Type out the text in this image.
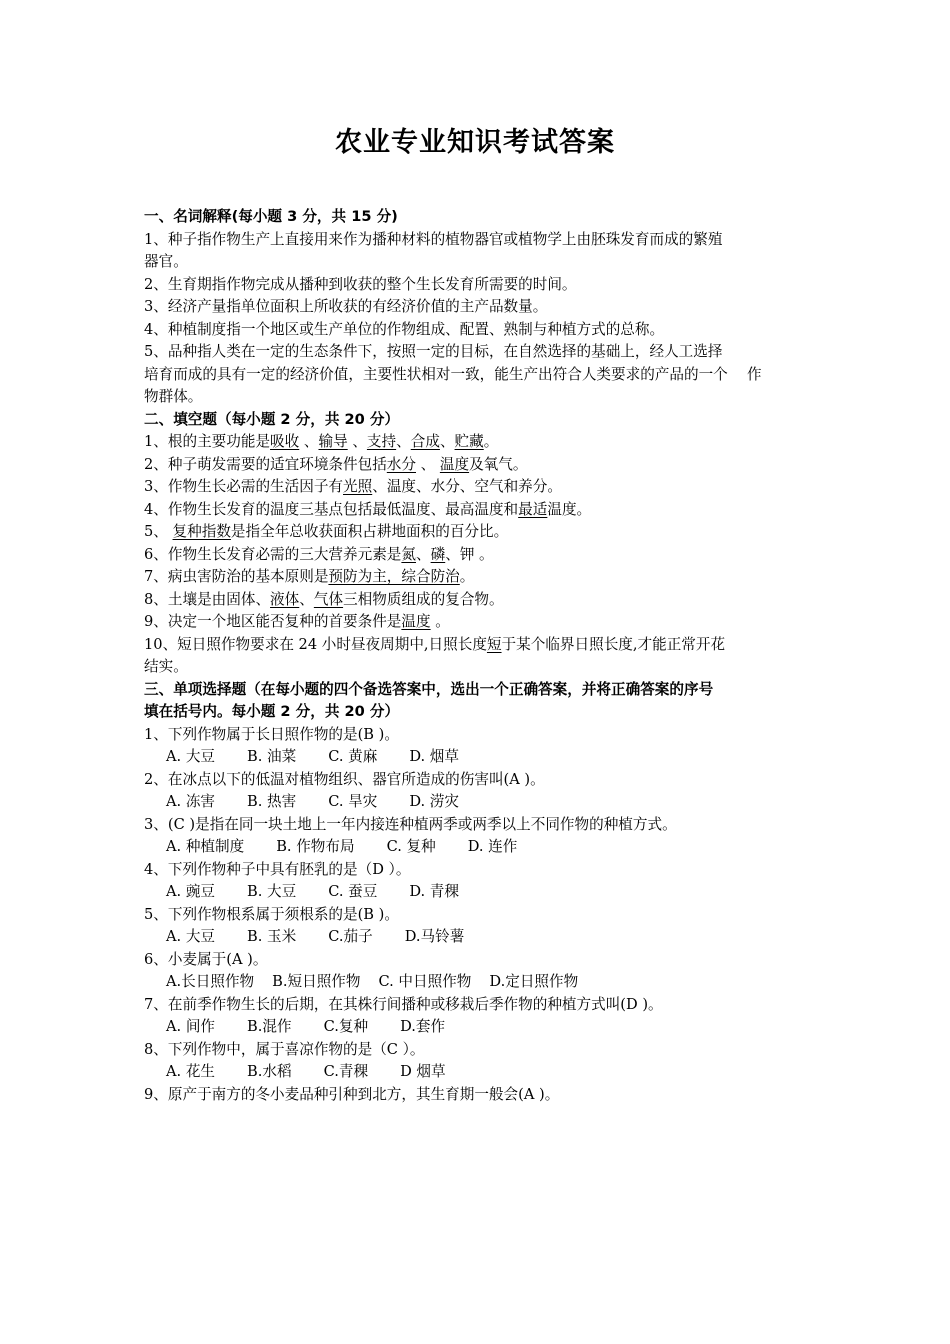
农业专业知识考试答案
一、名词解释(每小题 3 分，共 15 分)
1、种子指作物生产上直接用来作为播种材料的植物器官或植物学上由胚珠发育而成的繁殖
器官。
2、生育期指作物完成从播种到收获的整个生长发育所需要的时间。
3、经济产量指单位面积上所收获的有经济价值的主产品数量。
4、种植制度指一个地区或生产单位的作物组成、配置、熟制与种植方式的总称。
5、品种指人类在一定的生态条件下，按照一定的目标，在自然选择的基础上，经人工选择
培育而成的具有一定的经济价值，主要性状相对一致，能生产出符合人类要求的产品的一个　 作
物群体。
二、填空题（每小题 2 分，共 20 分）
1、根的主要功能是吸收 、输导 、支持、合成、贮藏。
2、种子萌发需要的适宜环境条件包括水分 、 温度及氧气。
3、作物生长必需的生活因子有光照、温度、水分、空气和养分。
4、作物生长发育的温度三基点包括最低温度、最高温度和最适温度。
5、 复种指数是指全年总收获面积占耕地面积的百分比。
6、作物生长发育必需的三大营养元素是氮、磷、钾 。
7、病虫害防治的基本原则是预防为主，综合防治。
8、土壤是由固体、液体、气体三相物质组成的复合物。
9、决定一个地区能否复种的首要条件是温度 。
10、短日照作物要求在 24 小时昼夜周期中,日照长度短于某个临界日照长度,才能正常开花
结实。
三、单项选择题（在每小题的四个备选答案中，选出一个正确答案，并将正确答案的序号
填在括号内。每小题 2 分，共 20 分）
1、下列作物属于长日照作物的是(B )。
A. 大豆 B. 油菜 C. 黄麻 D. 烟草
2、在冰点以下的低温对植物组织、器官所造成的伤害叫(A )。
A. 冻害 B. 热害 C. 旱灾 D. 涝灾
3、(C )是指在同一块土地上一年内接连种植两季或两季以上不同作物的种植方式。
A. 种植制度 B. 作物布局 C. 复种 D. 连作
4、下列作物种子中具有胚乳的是（D ）。
A. 豌豆 B. 大豆 C. 蚕豆 D. 青稞
5、下列作物根系属于须根系的是(B )。
A. 大豆 B. 玉米 C.茄子 D.马铃薯
6、小麦属于(A )。
A.长日照作物 B.短日照作物 C. 中日照作物 D.定日照作物
7、在前季作物生长的后期，在其株行间播种或移栽后季作物的种植方式叫(D )。
A. 间作 B.混作 C.复种 D.套作
8、下列作物中，属于喜凉作物的是（C ）。
A. 花生 B.水稻 C.青稞 D 烟草
9、原产于南方的冬小麦品种引种到北方，其生育期一般会(A )。
